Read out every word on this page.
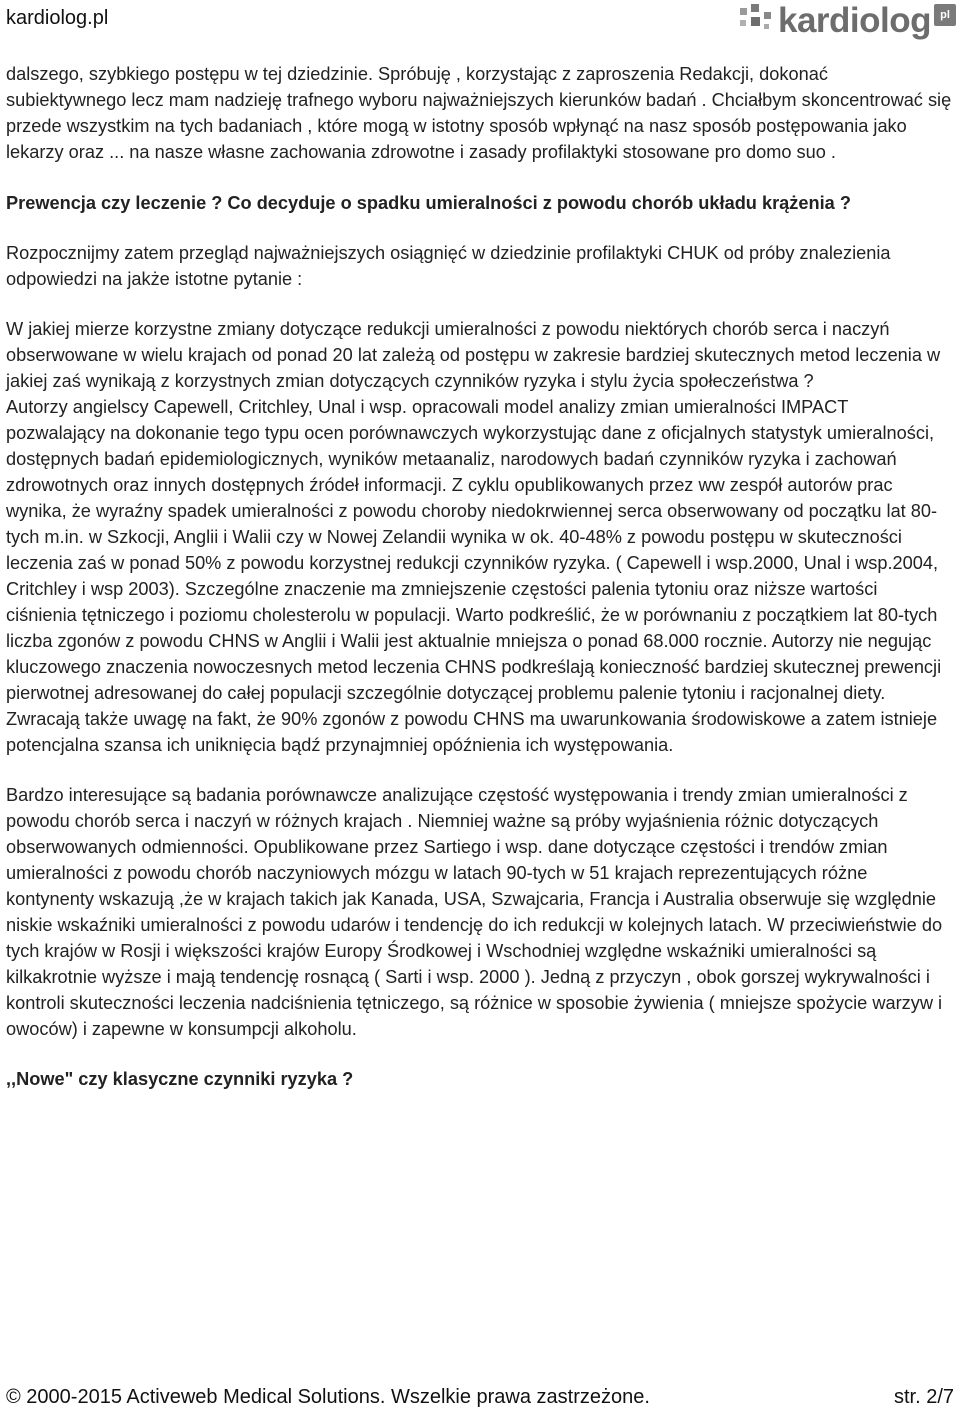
kardiolog.pl	kardiolog pl

dalszego, szybkiego postępu w tej dziedzinie. Spróbuję , korzystając z zaproszenia Redakcji, dokonać subiektywnego lecz mam nadzieję trafnego wyboru najważniejszych kierunków badań . Chciałbym skoncentrować się przede wszystkim na tych badaniach , które mogą w istotny sposób wpłynąć na nasz sposób postępowania jako lekarzy oraz ... na nasze własne zachowania zdrowotne i zasady profilaktyki stosowane pro domo suo .

Prewencja czy leczenie ? Co decyduje o spadku umieralności z powodu chorób układu krążenia ?

Rozpocznijmy zatem przegląd najważniejszych osiągnięć w dziedzinie profilaktyki CHUK od próby znalezienia odpowiedzi na jakże istotne pytanie :

W jakiej mierze korzystne zmiany dotyczące redukcji umieralności z powodu niektórych chorób serca i naczyń obserwowane w wielu krajach od ponad 20 lat zależą od postępu w zakresie bardziej skutecznych metod leczenia w jakiej zaś wynikają z korzystnych zmian dotyczących czynników ryzyka i stylu życia społeczeństwa ?

Autorzy angielscy Capewell, Critchley, Unal i wsp. opracowali model analizy zmian umieralności IMPACT pozwalający na dokonanie tego typu ocen porównawczych wykorzystując dane z oficjalnych statystyk umieralności, dostępnych badań epidemiologicznych, wyników metaanaliz, narodowych badań czynników ryzyka i zachowań zdrowotnych oraz innych dostępnych źródeł informacji. Z cyklu opublikowanych przez ww zespół autorów prac wynika, że wyraźny spadek umieralności z powodu choroby niedokrwiennej serca obserwowany od początku lat 80-tych m.in. w Szkocji, Anglii i Walii czy w Nowej Zelandii wynika w ok. 40-48% z powodu postępu w skuteczności leczenia zaś w ponad 50% z powodu korzystnej redukcji czynników ryzyka. ( Capewell i wsp.2000, Unal i wsp.2004, Critchley i wsp 2003). Szczególne znaczenie ma zmniejszenie częstości palenia tytoniu oraz niższe wartości ciśnienia tętniczego i poziomu cholesterolu w populacji. Warto podkreślić, że w porównaniu z początkiem lat 80-tych liczba zgonów z powodu CHNS w Anglii i Walii jest aktualnie mniejsza o ponad 68.000 rocznie. Autorzy nie negując kluczowego znaczenia nowoczesnych metod leczenia CHNS podkreślają konieczność bardziej skutecznej prewencji pierwotnej adresowanej do całej populacji szczególnie dotyczącej problemu palenie tytoniu i racjonalnej diety. Zwracają także uwagę na fakt, że 90% zgonów z powodu CHNS ma uwarunkowania środowiskowe a zatem istnieje potencjalna szansa ich uniknięcia bądź przynajmniej opóźnienia ich występowania.

Bardzo interesujące są badania porównawcze analizujące częstość występowania i trendy zmian umieralności z powodu chorób serca i naczyń w różnych krajach . Niemniej ważne są próby wyjaśnienia różnic dotyczących obserwowanych odmienności. Opublikowane przez Sartiego i wsp. dane dotyczące częstości i trendów zmian umieralności z powodu chorób naczyniowych mózgu w latach 90-tych w 51 krajach reprezentujących różne kontynenty wskazują ,że w krajach takich jak Kanada, USA, Szwajcaria, Francja i Australia obserwuje się względnie niskie wskaźniki umieralności z powodu udarów i tendencję do ich redukcji w kolejnych latach. W przeciwieństwie do tych krajów w Rosji i większości krajów Europy Środkowej i Wschodniej względne wskaźniki umieralności są kilkakrotnie wyższe i mają tendencję rosnącą ( Sarti i wsp. 2000 ). Jedną z przyczyn , obok gorszej wykrywalności i kontroli skuteczności leczenia nadciśnienia tętniczego, są różnice w sposobie żywienia ( mniejsze spożycie warzyw i owoców) i zapewne w konsumpcji alkoholu.

,,Nowe" czy klasyczne czynniki ryzyka ?

© 2000-2015 Activeweb Medical Solutions. Wszelkie prawa zastrzeżone.	str. 2/7
